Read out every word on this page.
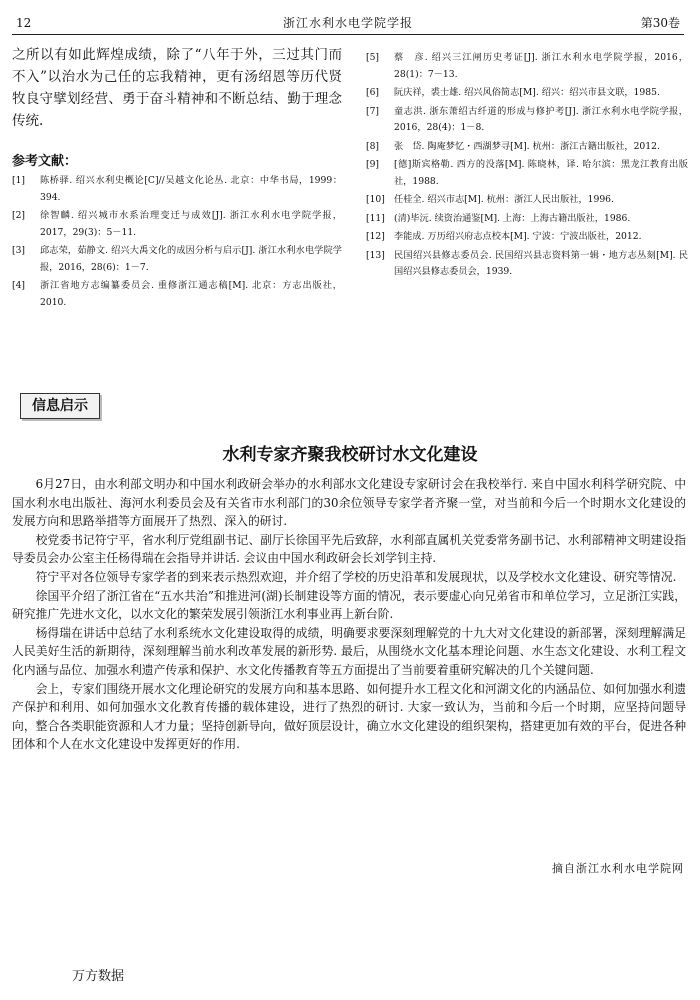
12	浙江水利水电学院学报	第30卷

之所以有如此辉煌成绩，除了“八年于外，三过其门而不入”以治水为己任的忘我精神，更有汤绍恩等历代贤牧良守擘划经营、勇于奋斗精神和不断总结、勤于理念传统.

参考文献：
[1]	陈桥驿. 绍兴水利史概论[C]//吴越文化论丛. 北京：中华书局，1999：394.
[2]	徐智麟. 绍兴城市水系治理变迁与成效[J]. 浙江水利水电学院学报，2017，29(3)：5－11.
[3]	邱志荣，茹静文. 绍兴大禹文化的成因分析与启示[J]. 浙江水利水电学院学报，2016，28(6)：1－7.
[4]	浙江省地方志编纂委员会. 重修浙江通志稿[M]. 北京：方志出版社，2010.
[5]	蔡　彦. 绍兴三江闸历史考证[J]. 浙江水利水电学院学报，2016，28(1)：7－13.
[6]	阮庆祥，裘士雄. 绍兴风俗简志[M]. 绍兴：绍兴市县文联，1985.
[7]	童志洪. 浙东萧绍古纤道的形成与修护考[J]. 浙江水利水电学院学报，2016，28(4)：1－8.
[8]	张　岱. 陶庵梦忆・西湖梦寻[M]. 杭州：浙江古籍出版社，2012.
[9]	[德]斯宾格勒. 西方的没落[M]. 陈晓林，译. 哈尔滨：黑龙江教育出版社，1988.
[10] 任桂全. 绍兴市志[M]. 杭州：浙江人民出版社，1996.
[11] (清)毕沅. 续资治通鉴[M]. 上海：上海古籍出版社，1986.
[12] 李能成. 万历绍兴府志点校本[M]. 宁波：宁波出版社，2012.
[13] 民国绍兴县修志委员会. 民国绍兴县志资料第一辑・地方志丛刻[M]. 民国绍兴县修志委员会，1939.
信息启示
水利专家齐聚我校研讨水文化建设

6月27日，由水利部文明办和中国水利政研会举办的水利部水文化建设专家研讨会在我校举行. 来自中国水利科学研究院、中国水利水电出版社、海河水利委员会及有关省市水利部门的30余位领导专家学者齐聚一堂，对当前和今后一个时期水文化建设的发展方向和思路举措等方面展开了热烈、深入的研讨.

校党委书记符宁平，省水利厅党组副书记、副厅长徐国平先后致辞，水利部直属机关党委常务副书记、水利部精神文明建设指导委员会办公室主任杨得瑞在会指导并讲话. 会议由中国水利政研会长刘学钊主持.

符宁平对各位领导专家学者的到来表示热烈欢迎，并介绍了学校的历史沿革和发展现状，以及学校水文化建设、研究等情况.

徐国平介绍了浙江省在“五水共治”和推进河(湖)长制建设等方面的情况，表示要虚心向兄弟省市和单位学习，立足浙江实践，研究推广先进水文化，以水文化的繁荣发展引领浙江水利事业再上新台阶.

杨得瑞在讲话中总结了水利系统水文化建设取得的成绩，明确要求要深刻理解党的十九大对文化建设的新部署，深刻理解满足人民美好生活的新期待，深刻理解当前水利改革发展的新形势. 最后，从围绕水文化基本理论问题、水生态文化建设、水利工程文化内涵与品位、加强水利遗产传承和保护、水文化传播教育等五方面提出了当前要着重研究解决的几个关键问题.

会上，专家们围绕开展水文化理论研究的发展方向和基本思路、如何提升水工程文化和河湖文化的内涵品位、如何加强水利遗产保护和利用、如何加强水文化教育传播的载体建设，进行了热烈的研讨. 大家一致认为，当前和今后一个时期，应坚持问题导向，整合各类职能资源和人才力量；坚持创新导向，做好顶层设计，确立水文化建设的组织架构，搭建更加有效的平台，促进各种团体和个人在水文化建设中发挥更好的作用.

摘自浙江水利水电学院网
万方数据
